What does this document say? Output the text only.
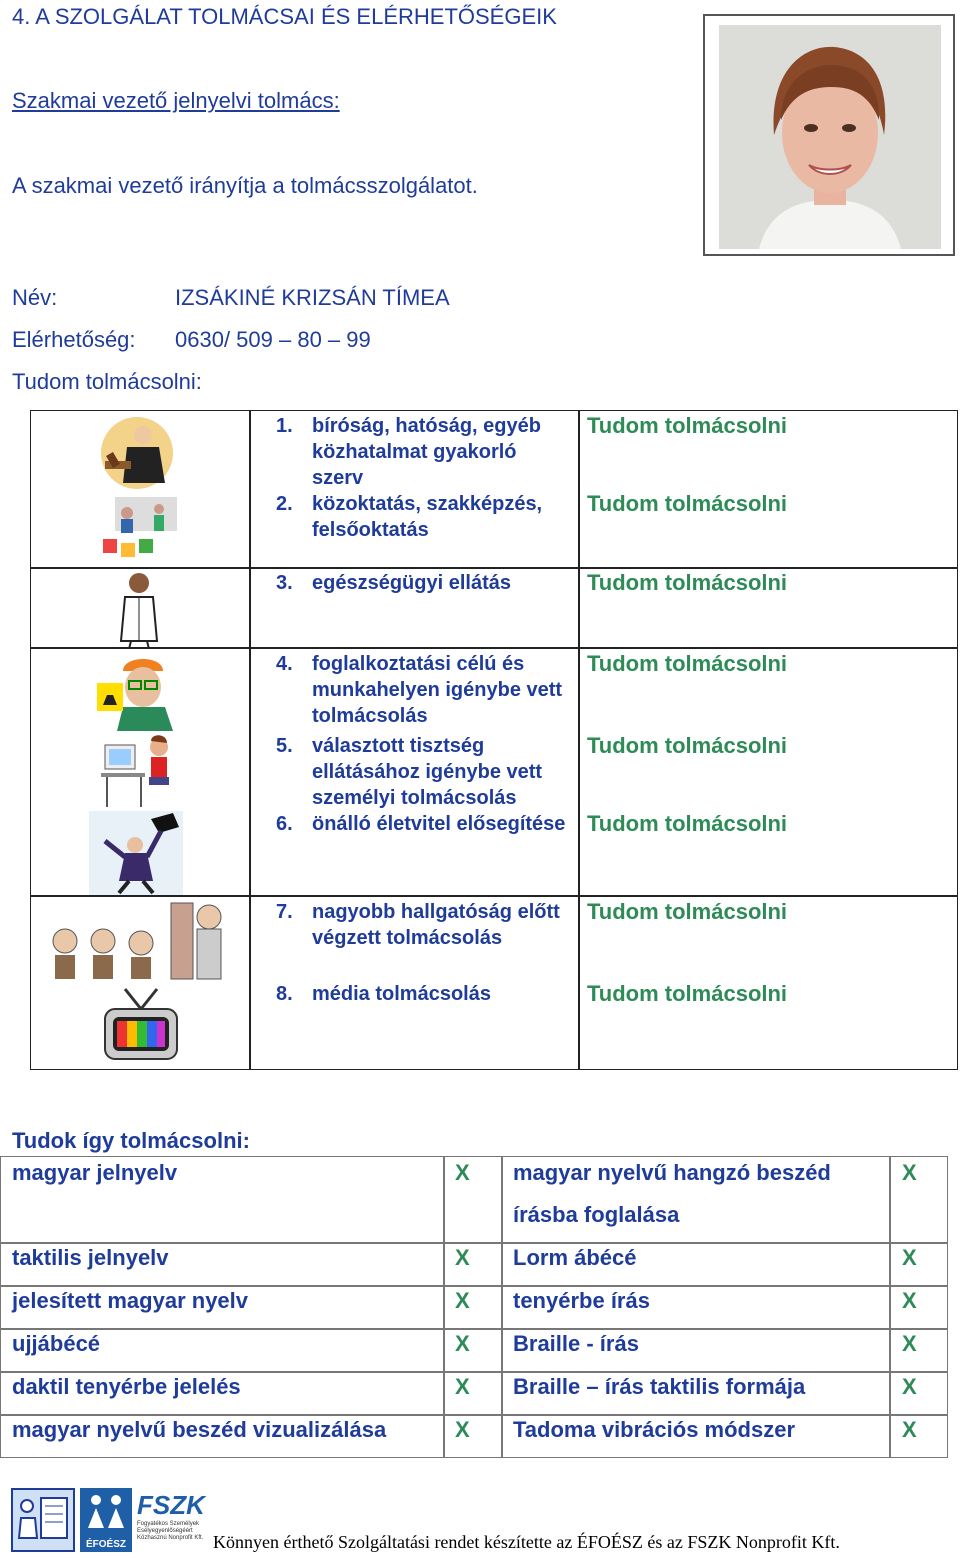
4. A SZOLGÁLAT TOLMÁCSAI ÉS ELÉRHETŐSÉGEIK
Szakmai vezető jelnyelvi tolmács:
A szakmai vezető irányítja a tolmácsszolgálatot.
Név:	IZSÁKINÉ KRIZSÁN TÍMEA
Elérhetőség: 0630/ 509 – 80 – 99
Tudom tolmácsolni:
1. bíróság, hatóság, egyéb közhatalmat gyakorló szerv
Tudom tolmácsolni
2. közoktatás, szakképzés, felsőoktatás
Tudom tolmácsolni
3. egészségügyi ellátás	Tudom tolmácsolni
4. foglalkoztatási célú és munkahelyen igénybe vett tolmácsolás
Tudom tolmácsolni
5. választott tisztség ellátásához igénybe vett személyi tolmácsolás
Tudom tolmácsolni
6. önálló életvitel elősegítése Tudom tolmácsolni
7. nagyobb hallgatóság előtt végzett tolmácsolás
Tudom tolmácsolni
8. média tolmácsolás	Tudom tolmácsolni
Tudok így tolmácsolni:
magyar jelnyelv	X magyar nyelvű hangzó beszéd
írásba foglalása
X
taktilis jelnyelv	X Lorm ábécé	X
jelesített magyar nyelv	X tenyérbe írás	X
ujjábécé	X Braille - írás	X
daktil tenyérbe jelelés	X Braille – írás taktilis formája	X
magyar nyelvű beszéd vizualizálása	X Tadoma vibrációs módszer	X
ÉFOÉSZ
FSZK
Fogyatékos Személyek Esélyegyenlőségéért Közhasznú Nonprofit Kft. Könnyen érthető Szolgáltatási rendet készítette az ÉFOÉSZ és az FSZK Nonprofit Kft.
